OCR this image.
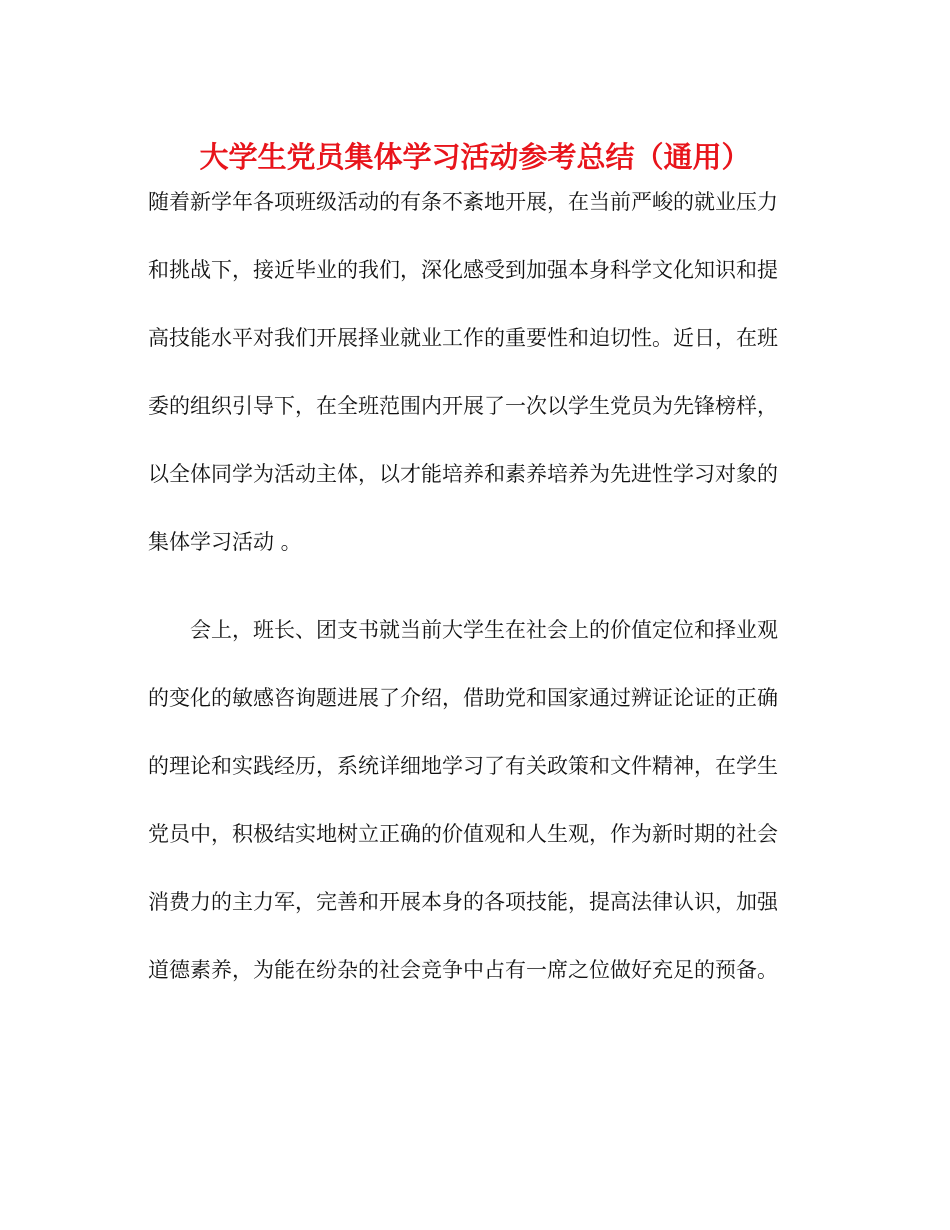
大学生党员集体学习活动参考总结（通用）
随着新学年各项班级活动的有条不紊地开展，在当前严峻的就业压力
和挑战下，接近毕业的我们，深化感受到加强本身科学文化知识和提
高技能水平对我们开展择业就业工作的重要性和迫切性。近日，在班
委的组织引导下，在全班范围内开展了一次以学生党员为先锋榜样，
以全体同学为活动主体，以才能培养和素养培养为先进性学习对象的
集体学习活动 。
会上，班长、团支书就当前大学生在社会上的价值定位和择业观
的变化的敏感咨询题进展了介绍，借助党和国家通过辨证论证的正确
的理论和实践经历，系统详细地学习了有关政策和文件精神，在学生
党员中，积极结实地树立正确的价值观和人生观，作为新时期的社会
消费力的主力军，完善和开展本身的各项技能，提高法律认识，加强
道德素养，为能在纷杂的社会竞争中占有一席之位做好充足的预备。
